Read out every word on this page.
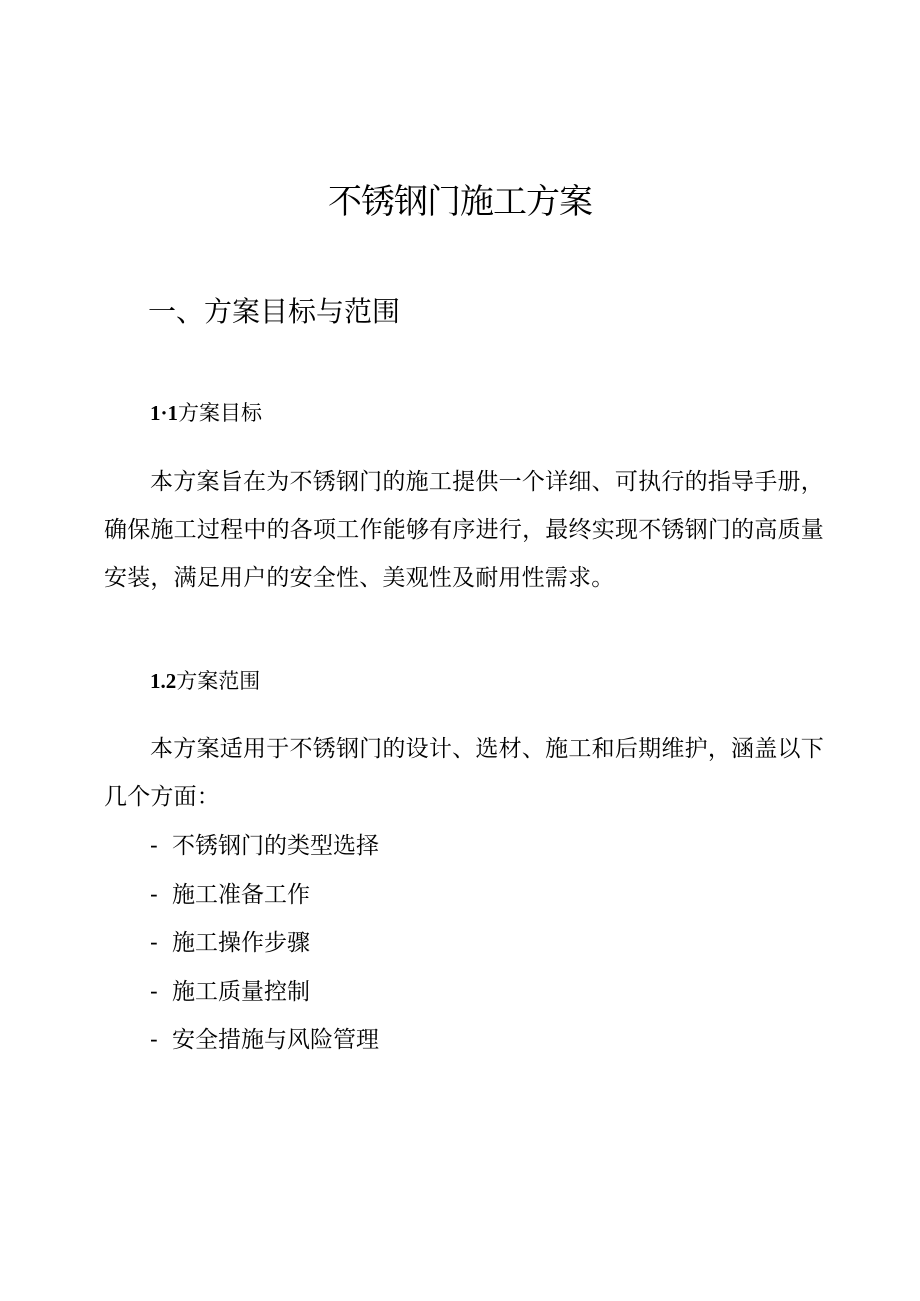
不锈钢门施工方案
一、方案目标与范围
1·1方案目标

本方案旨在为不锈钢门的施工提供一个详细、可执行的指导手册，确保施工过程中的各项工作能够有序进行，最终实现不锈钢门的高质量安装，满足用户的安全性、美观性及耐用性需求。

1.2方案范围

本方案适用于不锈钢门的设计、选材、施工和后期维护，涵盖以下几个方面：

- 不锈钢门的类型选择
- 施工准备工作
- 施工操作步骤
- 施工质量控制
- 安全措施与风险管理
